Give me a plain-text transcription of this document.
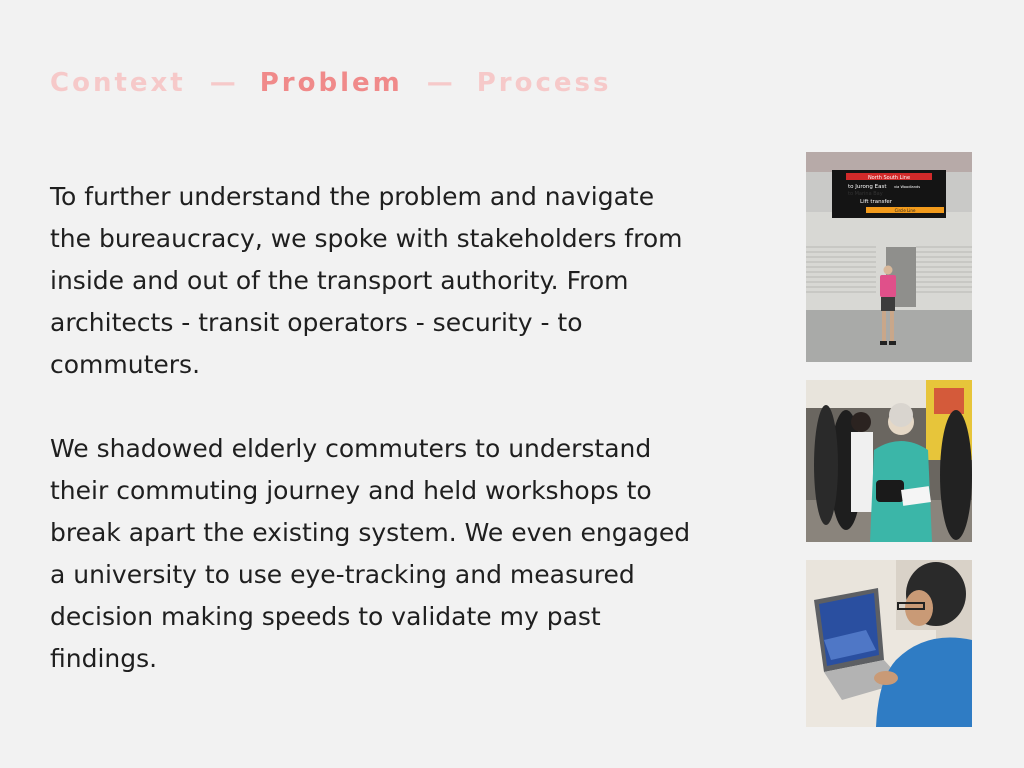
Context — Problem — Process

To further understand the problem and navigate the bureaucracy, we spoke with stakeholders from inside and out of the transport authority. From architects - transit operators - security - to commuters.

We shadowed elderly commuters to understand their commuting journey and held workshops to break apart the existing system. We even engaged a university to use eye-tracking and measured decision making speeds to validate my past findings.

North South Line
to Jurong East via Woodlands
to Marina Bay
Lift transfer
Circle Line
